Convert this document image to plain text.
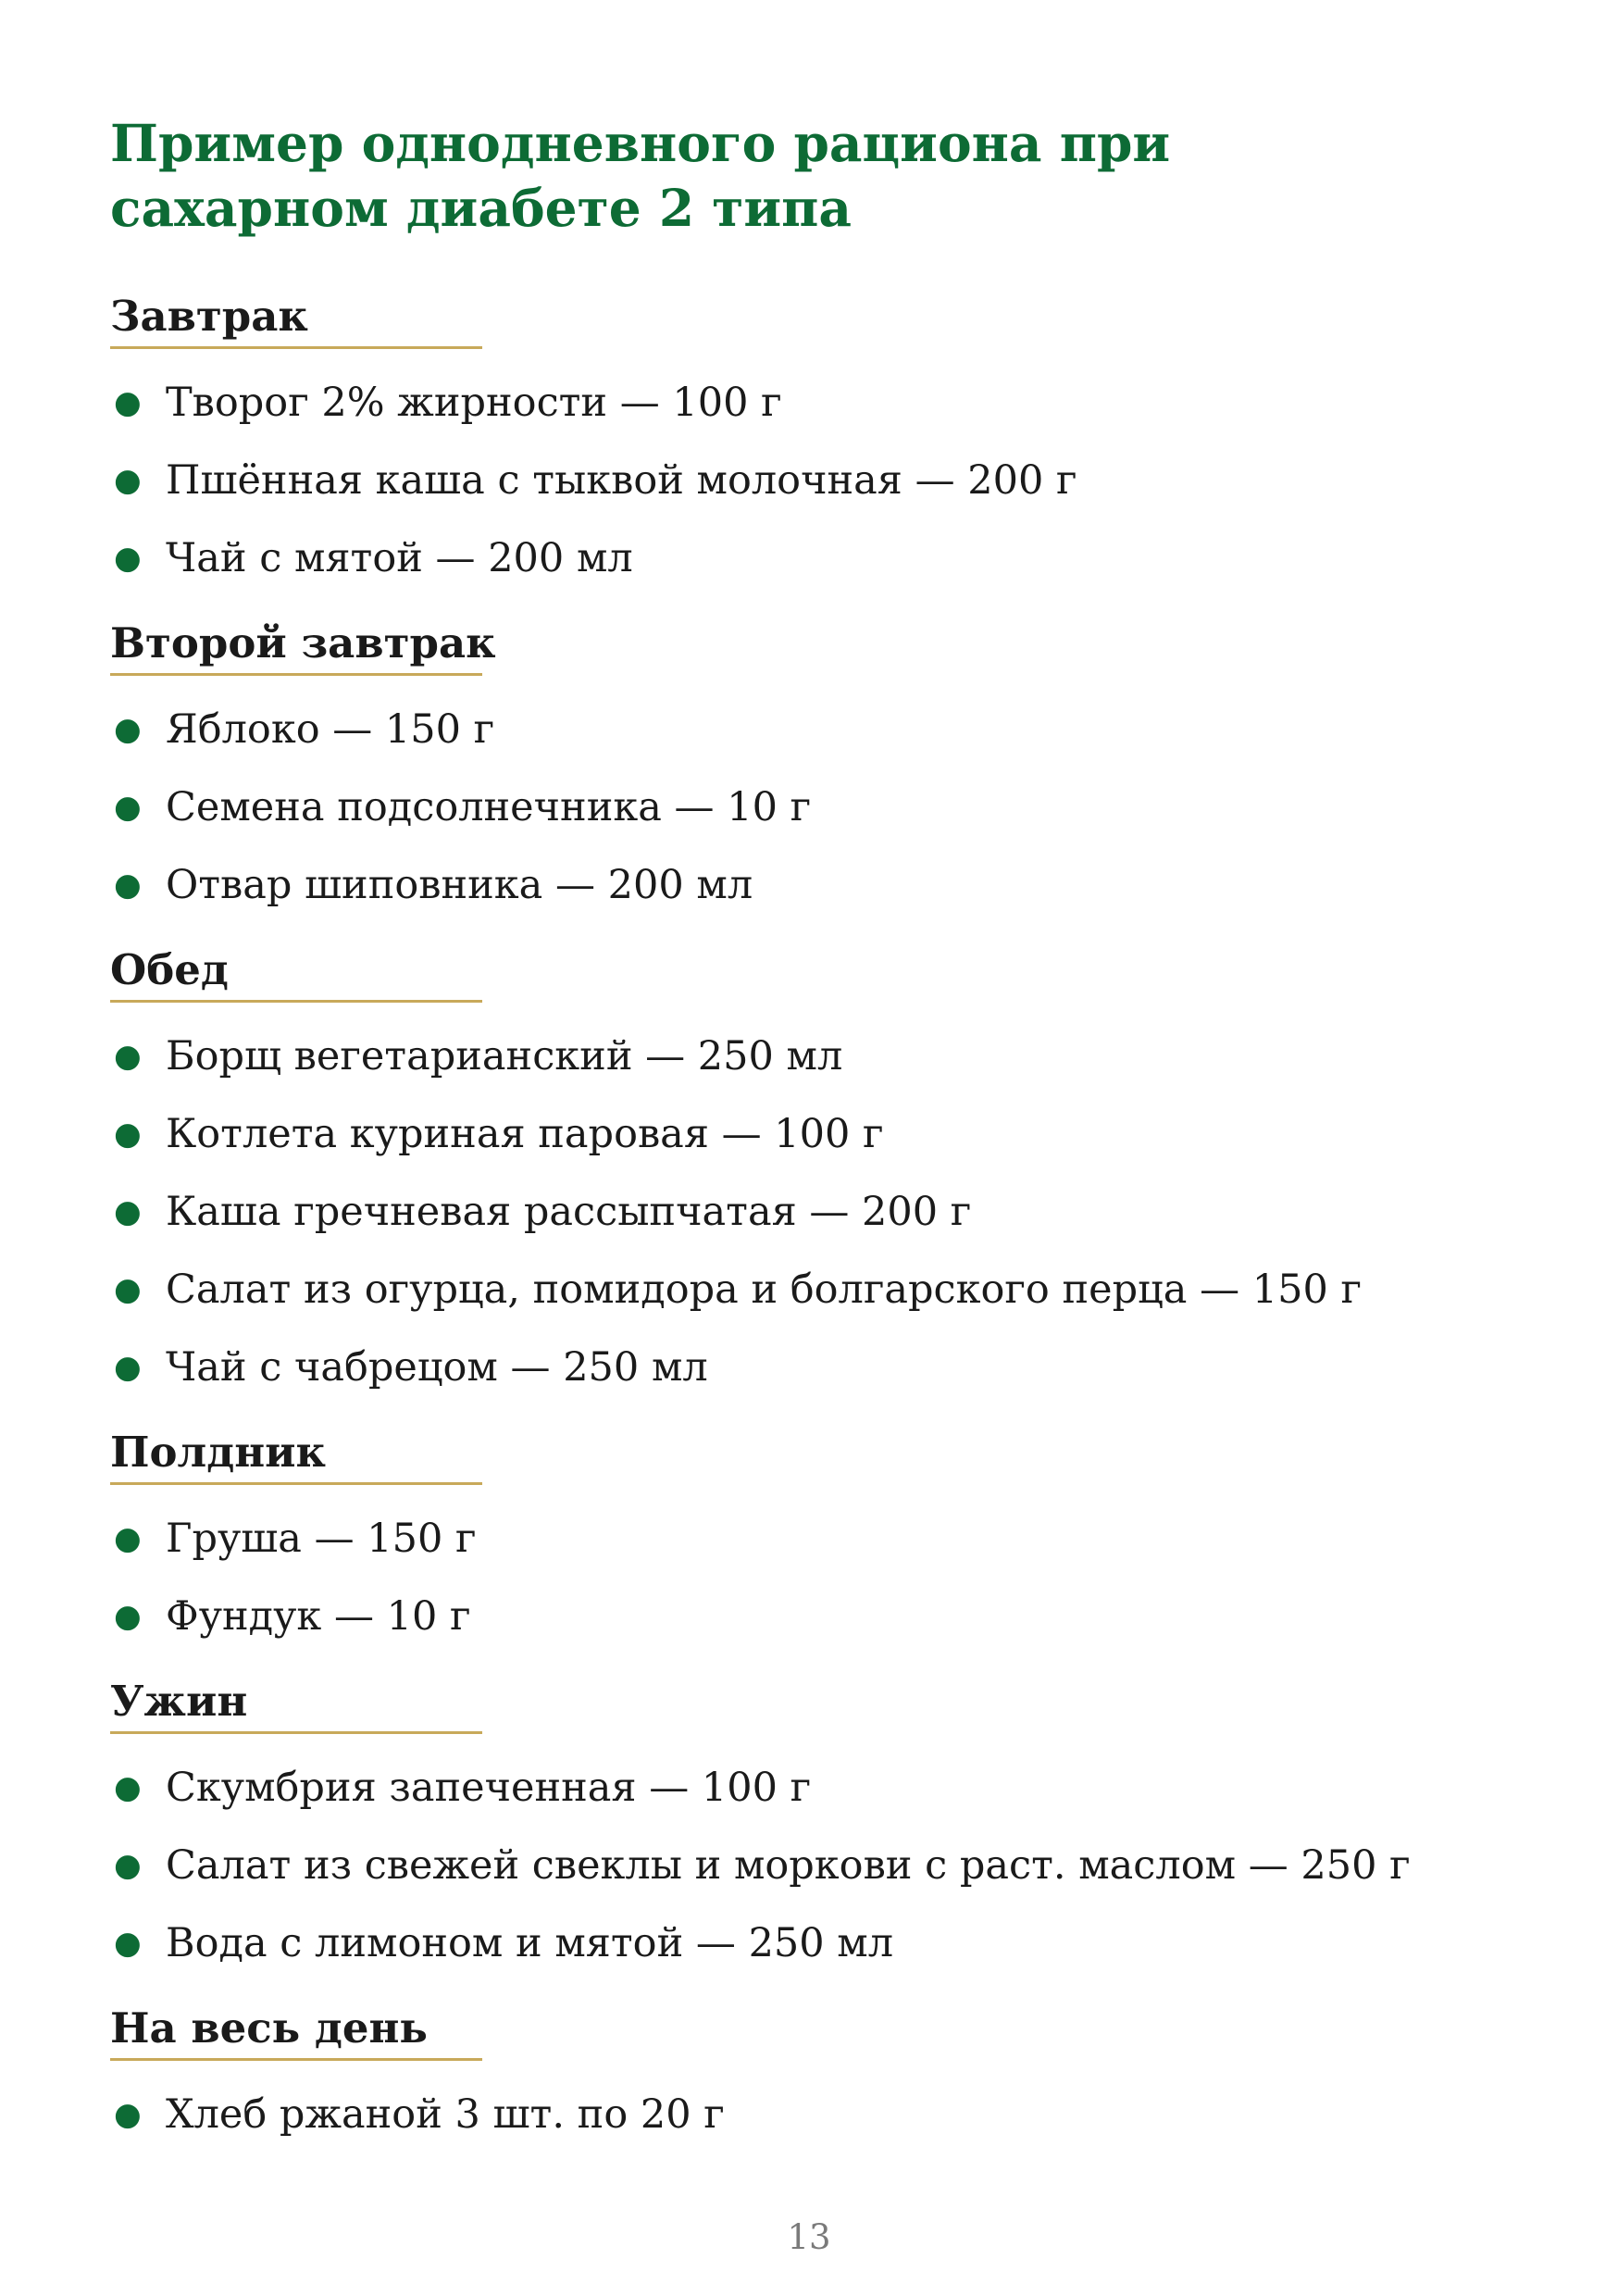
Пример однодневного рациона при сахарном диабете 2 типа
Завтрак
● Творог 2% жирности — 100 г
● Пшённая каша с тыквой молочная — 200 г
● Чай с мятой — 200 мл
Второй завтрак
● Яблоко — 150 г
● Семена подсолнечника — 10 г
● Отвар шиповника — 200 мл
Обед
● Борщ вегетарианский — 250 мл
● Котлета куриная паровая — 100 г
● Каша гречневая рассыпчатая — 200 г
● Салат из огурца, помидора и болгарского перца — 150 г
● Чай с чабрецом — 250 мл
Полдник
● Груша — 150 г
● Фундук — 10 г
Ужин
● Скумбрия запеченная — 100 г
● Салат из свежей свеклы и моркови с раст. маслом — 250 г
● Вода с лимоном и мятой — 250 мл
На весь день
● Хлеб ржаной 3 шт. по 20 г
13
